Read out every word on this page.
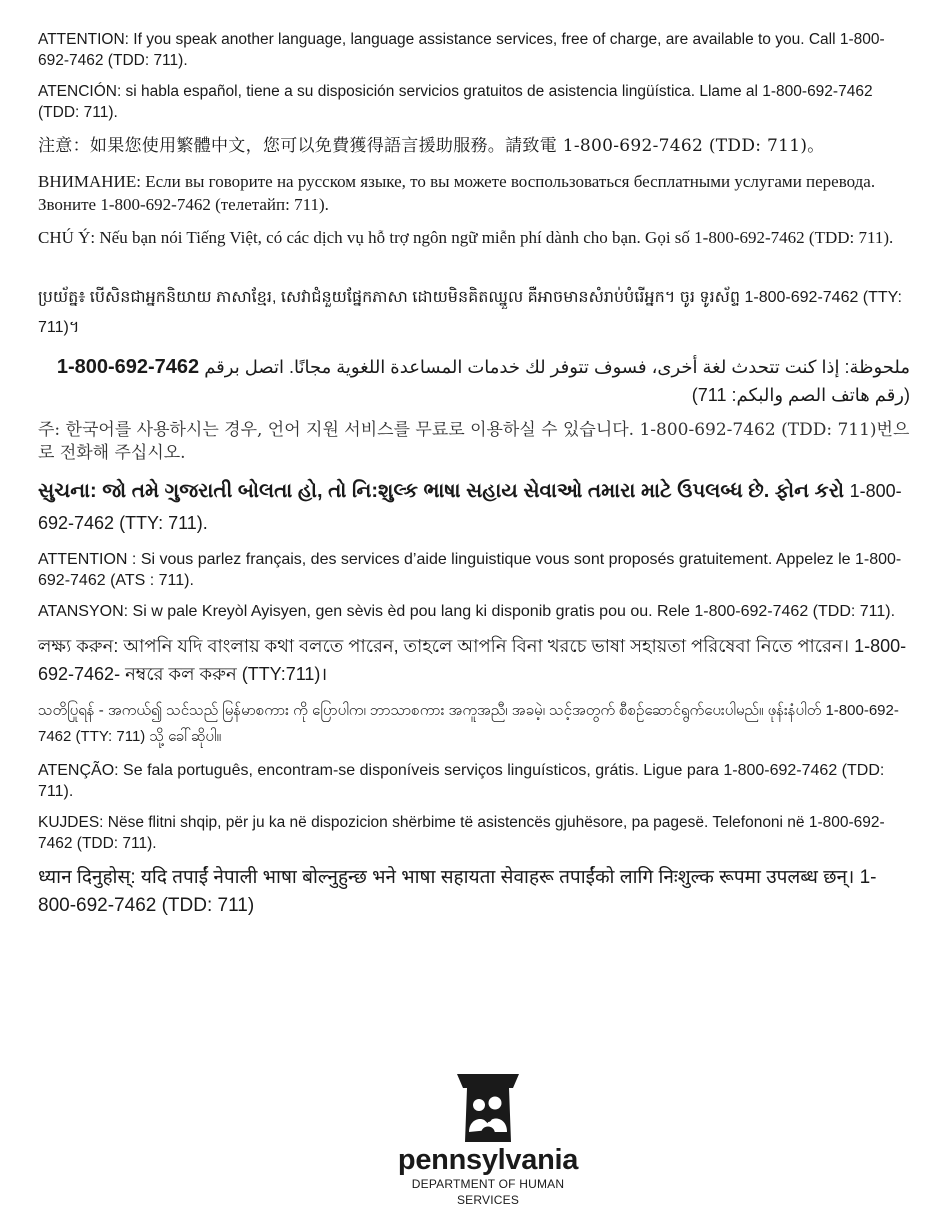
ATTENTION: If you speak another language, language assistance services, free of charge, are available to you. Call 1-800-692-7462 (TDD: 711).

ATENCIÓN: si habla español, tiene a su disposición servicios gratuitos de asistencia lingüística. Llame al 1-800-692-7462 (TDD: 711).

注意：如果您使用繁體中文，您可以免費獲得語言援助服務。請致電 1-800-692-7462 (TDD: 711)。

ВНИМАНИЕ: Если вы говорите на русском языке, то вы можете воспользоваться бесплатными услугами перевода. Звоните 1-800-692-7462 (телетайп: 711).

CHÚ Ý: Nếu bạn nói Tiếng Việt, có các dịch vụ hỗ trợ ngôn ngữ miễn phí dành cho bạn. Gọi số 1-800-692-7462 (TDD: 711).

ប្រយ័ត្ន៖ បើសិនជាអ្នកនិយាយ ភាសាខ្មែរ, សេវាជំនួយផ្នែកភាសា ដោយមិនគិតឈ្នួល គឺអាចមានសំរាប់បំរើអ្នក។ ចូរ ទូរស័ព្ទ 1-800-692-7462 (TTY: 711)។

ملحوظة: إذا كنت تتحدث لغة أخرى، فسوف تتوفر لك خدمات المساعدة اللغوية مجانًا. اتصل برقم 1-800-692-7462
(رقم هاتف الصم والبكم: 711)

주: 한국어를 사용하시는 경우, 언어 지원 서비스를 무료로 이용하실 수 있습니다. 1-800-692-7462 (TDD: 711)번으로 전화해 주십시오.

સુચના: જો તમે ગુજરાતી બોલતા હો, તો નિ:શુલ્ક ભાષા સહાય સેવાઓ તમારા માટે ઉપલબ્ધ છે. ફોન કરો 1-800-692-7462 (TTY: 711).

ATTENTION : Si vous parlez français, des services d’aide linguistique vous sont proposés gratuitement. Appelez le 1-800-692-7462 (ATS : 711).

ATANSYON: Si w pale Kreyòl Ayisyen, gen sèvis èd pou lang ki disponib gratis pou ou. Rele 1-800-692-7462 (TDD: 711).

লক্ষ্য করুন: আপনি যদি বাংলায় কথা বলতে পারেন, তাহলে আপনি বিনা খরচে ভাষা সহায়তা পরিষেবা নিতে পারেন। 1-800-692-7462- নম্বরে কল করুন (TTY:711)।

သတိပြုရန် - အကယ်၍ သင်သည် မြန်မာစကား ကို ပြောပါက၊ ဘာသာစကား အကူအညီ၊ အခမဲ့၊ သင့်အတွက် စီစဉ်ဆောင်ရွက်ပေးပါမည်။ ဖုန်းနံပါတ် 1-800-692-7462 (TTY: 711) သို့ ခေါ်ဆိုပါ။

ATENÇÃO: Se fala português, encontram-se disponíveis serviços linguísticos, grátis. Ligue para 1-800-692-7462 (TDD: 711).

KUJDES: Nëse flitni shqip, për ju ka në dispozicion shërbime të asistencës gjuhësore, pa pagesë. Telefononi në 1-800-692-7462 (TDD: 711).

ध्यान दिनुहोस्: यदि तपाईं नेपाली भाषा बोल्नुहुन्छ भने भाषा सहायता सेवाहरू तपाईंको लागि निःशुल्क रूपमा उपलब्ध छन्। 1-800-692-7462 (TDD: 711)

pennsylvania
DEPARTMENT OF HUMAN SERVICES
